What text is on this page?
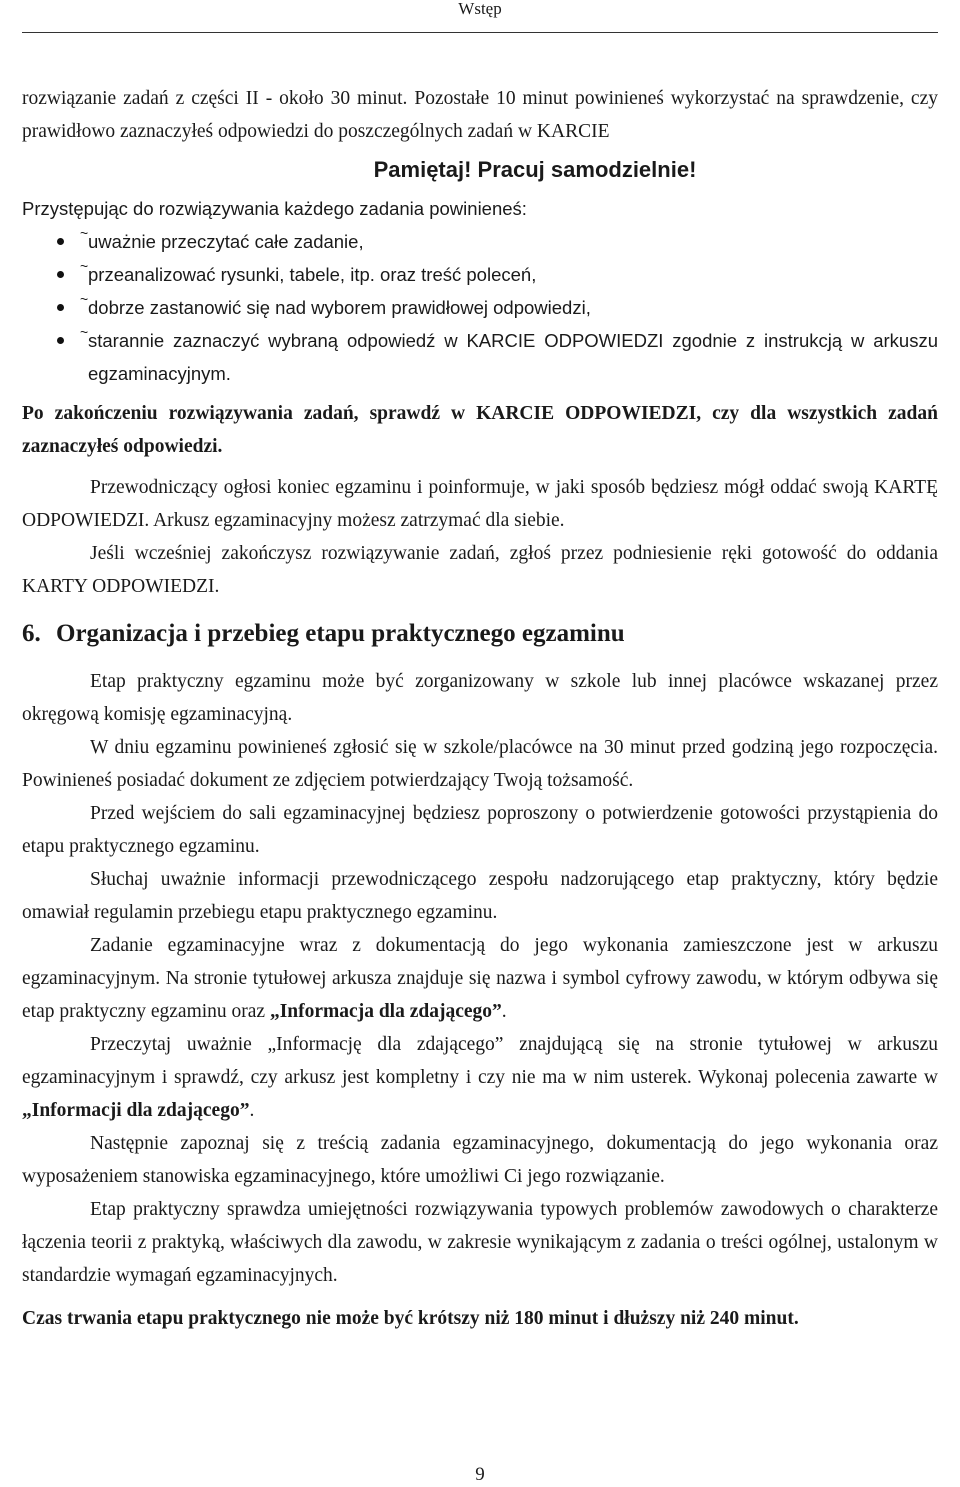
Wstęp

rozwiązanie zadań z części II - około 30 minut. Pozostałe 10 minut powinieneś wykorzystać na sprawdzenie, czy prawidłowo zaznaczyłeś odpowiedzi do poszczególnych zadań w KARCIE

Pamiętaj! Pracuj samodzielnie!

Przystępując do rozwiązywania każdego zadania powinieneś:

~ uważnie przeczytać całe zadanie,
~ przeanalizować rysunki, tabele, itp. oraz treść poleceń,
~ dobrze zastanowić się nad wyborem prawidłowej odpowiedzi,
~ starannie zaznaczyć wybraną odpowiedź w KARCIE ODPOWIEDZI zgodnie z instrukcją w arkuszu egzaminacyjnym.

Po zakończeniu rozwiązywania zadań, sprawdź w KARCIE ODPOWIEDZI, czy dla wszystkich zadań zaznaczyłeś odpowiedzi.

Przewodniczący ogłosi koniec egzaminu i poinformuje, w jaki sposób będziesz mógł oddać swoją KARTĘ ODPOWIEDZI. Arkusz egzaminacyjny możesz zatrzymać dla siebie.

Jeśli wcześniej zakończysz rozwiązywanie zadań, zgłoś przez podniesienie ręki gotowość do oddania KARTY ODPOWIEDZI.

6. Organizacja i przebieg etapu praktycznego egzaminu

Etap praktyczny egzaminu może być zorganizowany w szkole lub innej placówce wskazanej przez okręgową komisję egzaminacyjną.

W dniu egzaminu powinieneś zgłosić się w szkole/placówce na 30 minut przed godziną jego rozpoczęcia. Powinieneś posiadać dokument ze zdjęciem potwierdzający Twoją tożsamość.

Przed wejściem do sali egzaminacyjnej będziesz poproszony o potwierdzenie gotowości przystąpienia do etapu praktycznego egzaminu.

Słuchaj uważnie informacji przewodniczącego zespołu nadzorującego etap praktyczny, który będzie omawiał regulamin przebiegu etapu praktycznego egzaminu.

Zadanie egzaminacyjne wraz z dokumentacją do jego wykonania zamieszczone jest w arkuszu egzaminacyjnym. Na stronie tytułowej arkusza znajduje się nazwa i symbol cyfrowy zawodu, w którym odbywa się etap praktyczny egzaminu oraz „Informacja dla zdającego”.

Przeczytaj uważnie „Informację dla zdającego” znajdującą się na stronie tytułowej w arkuszu egzaminacyjnym i sprawdź, czy arkusz jest kompletny i czy nie ma w nim usterek. Wykonaj polecenia zawarte w „Informacji dla zdającego”.

Następnie zapoznaj się z treścią zadania egzaminacyjnego, dokumentacją do jego wykonania oraz wyposażeniem stanowiska egzaminacyjnego, które umożliwi Ci jego rozwiązanie.

Etap praktyczny sprawdza umiejętności rozwiązywania typowych problemów zawodowych o charakterze łączenia teorii z praktyką, właściwych dla zawodu, w zakresie wynikającym z zadania o treści ogólnej, ustalonym w standardzie wymagań egzaminacyjnych.

Czas trwania etapu praktycznego nie może być krótszy niż 180 minut i dłuższy niż 240 minut.

9
